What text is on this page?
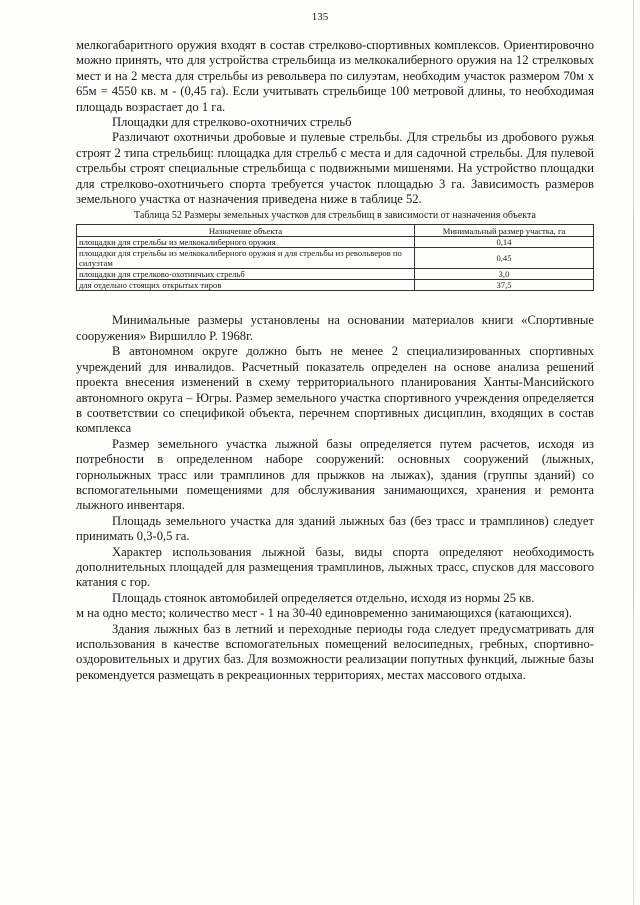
135

мелкогабаритного оружия входят в состав стрелково-спортивных комплексов. Ориентировочно можно принять, что для устройства стрельбища из мелкокалиберного оружия на 12 стрелковых мест и на 2 места для стрельбы из револьвера по силуэтам, необходим участок размером 70м х 65м = 4550 кв. м - (0,45 га). Если учитывать стрельбище 100 метровой длины, то необходимая площадь возрастает до 1 га.

Площадки для стрелково-охотничих стрельб

Различают охотничьи дробовые и пулевые стрельбы. Для стрельбы из дробового ружья строят 2 типа стрельбищ: площадка для стрельб с места и для садочной стрельбы. Для пулевой стрельбы строят специальные стрельбища с подвижными мишенями. На устройство площадки для стрелково-охотничьего спорта требуется участок площадью 3 га. Зависимость размеров земельного участка от назначения приведена ниже в таблице 52.

Таблица 52 Размеры земельных участков для стрельбищ в зависимости от назначения объекта
Назначение объекта	Минимальный размер участка, га
площадки для стрельбы из мелкокалиберного оружия	0,14
площадки для стрельбы из мелкокалиберного оружия и для стрельбы из револьверов по силуэтам	0,45
площадки для стрелково-охотничьих стрельб	3,0
для отдельно стоящих открытых тиров	37,5

Минимальные размеры установлены на основании материалов книги «Спортивные сооружения» Виршилло Р. 1968г.

В автономном округе должно быть не менее 2 специализированных спортивных учреждений для инвалидов. Расчетный показатель определен на основе анализа решений проекта внесения изменений в схему территориального планирования Ханты-Мансийского автономного округа – Югры. Размер земельного участка спортивного учреждения определяется в соответствии со спецификой объекта, перечнем спортивных дисциплин, входящих в состав комплекса

Размер земельного участка лыжной базы определяется путем расчетов, исходя из потребности в определенном наборе сооружений: основных сооружений (лыжных, горнолыжных трасс или трамплинов для прыжков на лыжах), здания (группы зданий) со вспомогательными помещениями для обслуживания занимающихся, хранения и ремонта лыжного инвентаря.

Площадь земельного участка для зданий лыжных баз (без трасс и трамплинов) следует принимать 0,3-0,5 га.

Характер использования лыжной базы, виды спорта определяют необходимость дополнительных площадей для размещения трамплинов, лыжных трасс, спусков для массового катания с гор.

Площадь стоянок автомобилей определяется отдельно, исходя из нормы 25 кв.

м на одно место; количество мест - 1 на 30-40 единовременно занимающихся (катающихся).

Здания лыжных баз в летний и переходные периоды года следует предусматривать для использования в качестве вспомогательных помещений велосипедных, гребных, спортивно-оздоровительных и других баз. Для возможности реализации попутных функций, лыжные базы рекомендуется размещать в рекреационных территориях, местах массового отдыха.
